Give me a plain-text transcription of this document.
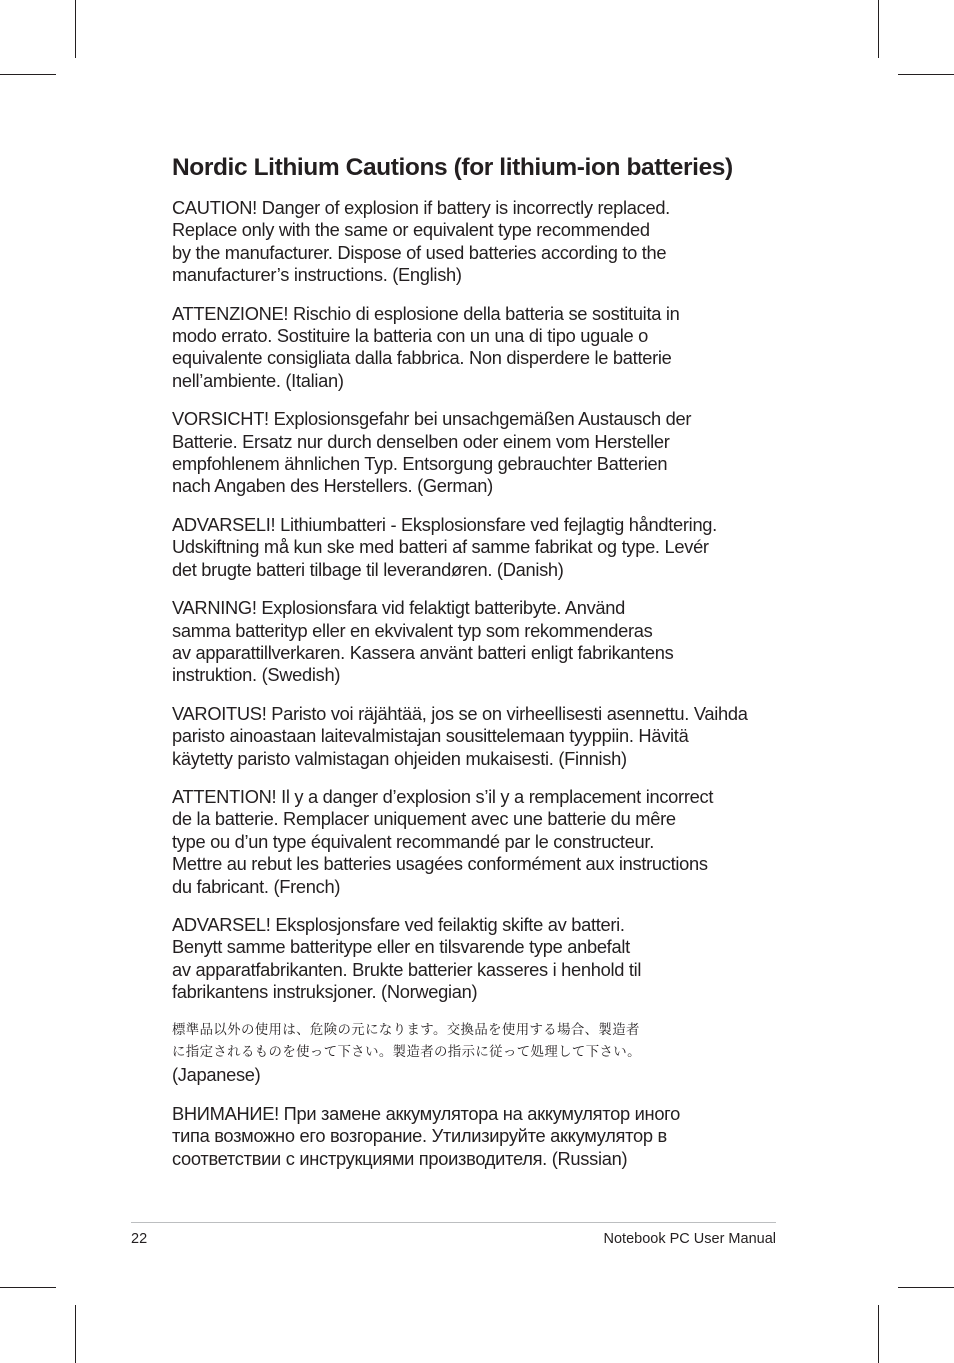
Nordic Lithium Cautions (for lithium-ion batteries)
CAUTION! Danger of explosion if battery is incorrectly replaced.
Replace only with the same or equivalent type recommended
by the manufacturer. Dispose of used batteries according to the
manufacturer’s instructions. (English)
ATTENZIONE! Rischio di esplosione della batteria se sostituita in
modo errato. Sostituire la batteria con un una di tipo uguale o
equivalente consigliata dalla fabbrica. Non disperdere le batterie
nell’ambiente. (Italian)
VORSICHT! Explosionsgefahr bei unsachgemäßen Austausch der
Batterie. Ersatz nur durch denselben oder einem vom Hersteller
empfohlenem ähnlichen Typ. Entsorgung gebrauchter Batterien
nach Angaben des Herstellers. (German)
ADVARSELI! Lithiumbatteri - Eksplosionsfare ved fejlagtig håndtering.
Udskiftning må kun ske med batteri af samme fabrikat og type. Levér
det brugte batteri tilbage til leverandøren. (Danish)
VARNING! Explosionsfara vid felaktigt batteribyte. Använd
samma batterityp eller en ekvivalent typ som rekommenderas
av apparattillverkaren. Kassera använt batteri enligt fabrikantens
instruktion. (Swedish)
VAROITUS! Paristo voi räjähtää, jos se on virheellisesti asennettu. Vaihda
paristo ainoastaan laitevalmistajan sousittelemaan tyyppiin. Hävitä
käytetty paristo valmistagan ohjeiden mukaisesti. (Finnish)
ATTENTION! Il y a danger d’explosion s’il y a remplacement incorrect
de la batterie. Remplacer uniquement avec une batterie du mêre
type ou d’un type équivalent recommandé par le constructeur.
Mettre au rebut les batteries usagées conformément aux instructions
du fabricant. (French)
ADVARSEL! Eksplosjonsfare ved feilaktig skifte av batteri.
Benytt samme batteritype eller en tilsvarende type anbefalt
av apparatfabrikanten. Brukte batterier kasseres i henhold til
fabrikantens instruksjoner. (Norwegian)
標準品以外の使用は、危険の元になります。交換品を使用する場合、製造者
に指定されるものを使って下さい。製造者の指示に従って処理して下さい。
(Japanese)
ВНИМАНИЕ! При замене аккумулятора на аккумулятор иного
типа возможно его возгорание. Утилизируйте аккумулятор в
соответствии с инструкциями производителя. (Russian)
22	Notebook PC User Manual
